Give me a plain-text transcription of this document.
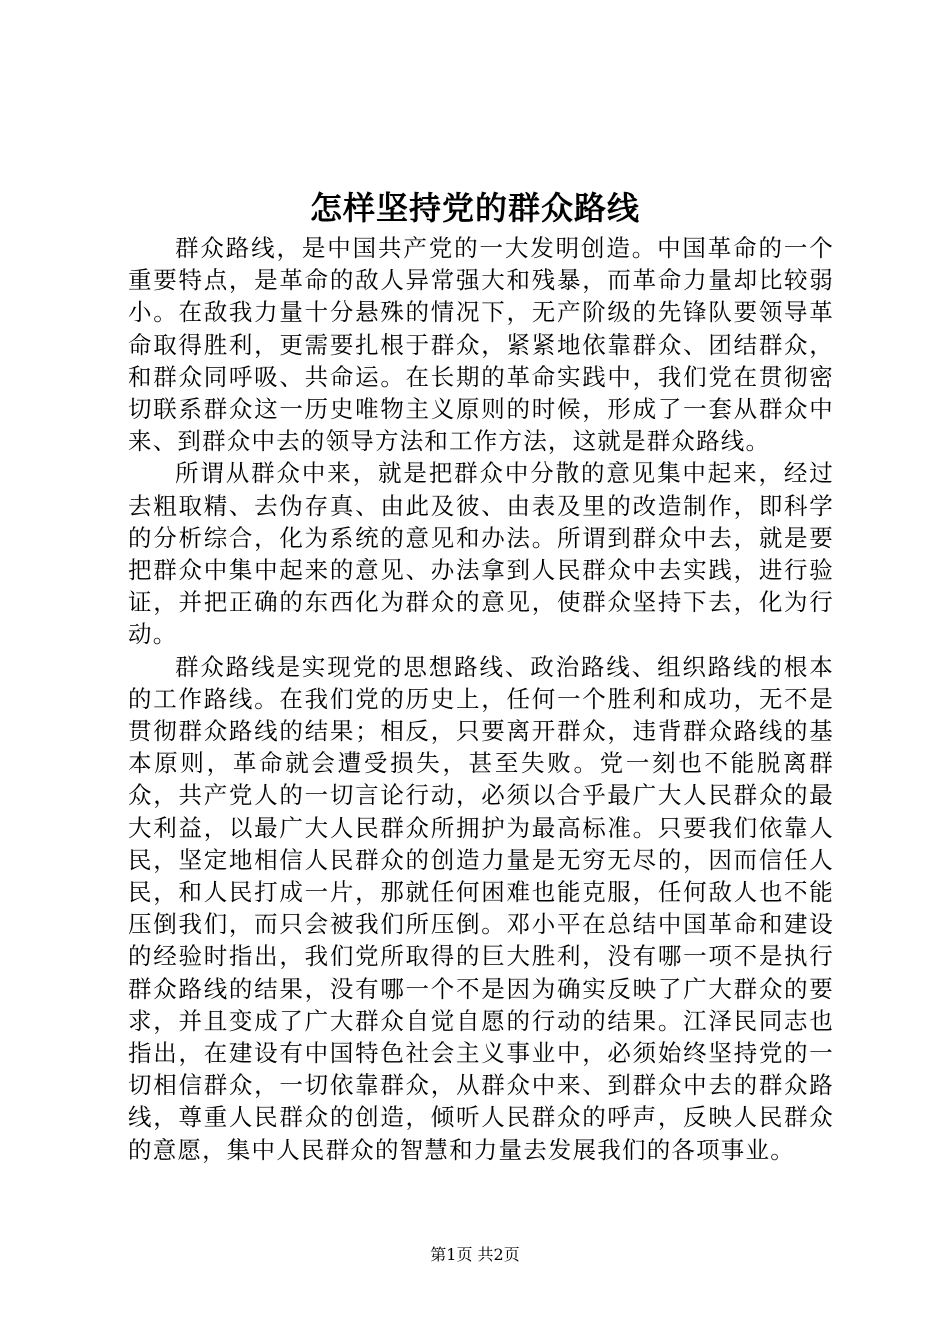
怎样坚持党的群众路线

群众路线，是中国共产党的一大发明创造。中国革命的一个重要特点，是革命的敌人异常强大和残暴，而革命力量却比较弱小。在敌我力量十分悬殊的情况下，无产阶级的先锋队要领导革命取得胜利，更需要扎根于群众，紧紧地依靠群众、团结群众，和群众同呼吸、共命运。在长期的革命实践中，我们党在贯彻密切联系群众这一历史唯物主义原则的时候，形成了一套从群众中来、到群众中去的领导方法和工作方法，这就是群众路线。

所谓从群众中来，就是把群众中分散的意见集中起来，经过去粗取精、去伪存真、由此及彼、由表及里的改造制作，即科学的分析综合，化为系统的意见和办法。所谓到群众中去，就是要把群众中集中起来的意见、办法拿到人民群众中去实践，进行验证，并把正确的东西化为群众的意见，使群众坚持下去，化为行动。

群众路线是实现党的思想路线、政治路线、组织路线的根本的工作路线。在我们党的历史上，任何一个胜利和成功，无不是贯彻群众路线的结果；相反，只要离开群众，违背群众路线的基本原则，革命就会遭受损失，甚至失败。党一刻也不能脱离群众，共产党人的一切言论行动，必须以合乎最广大人民群众的最大利益，以最广大人民群众所拥护为最高标准。只要我们依靠人民，坚定地相信人民群众的创造力量是无穷无尽的，因而信任人民，和人民打成一片，那就任何困难也能克服，任何敌人也不能压倒我们，而只会被我们所压倒。邓小平在总结中国革命和建设的经验时指出，我们党所取得的巨大胜利，没有哪一项不是执行群众路线的结果，没有哪一个不是因为确实反映了广大群众的要求，并且变成了广大群众自觉自愿的行动的结果。江泽民同志也指出，在建设有中国特色社会主义事业中，必须始终坚持党的一切相信群众，一切依靠群众，从群众中来、到群众中去的群众路线，尊重人民群众的创造，倾听人民群众的呼声，反映人民群众的意愿，集中人民群众的智慧和力量去发展我们的各项事业。

第1页 共2页
